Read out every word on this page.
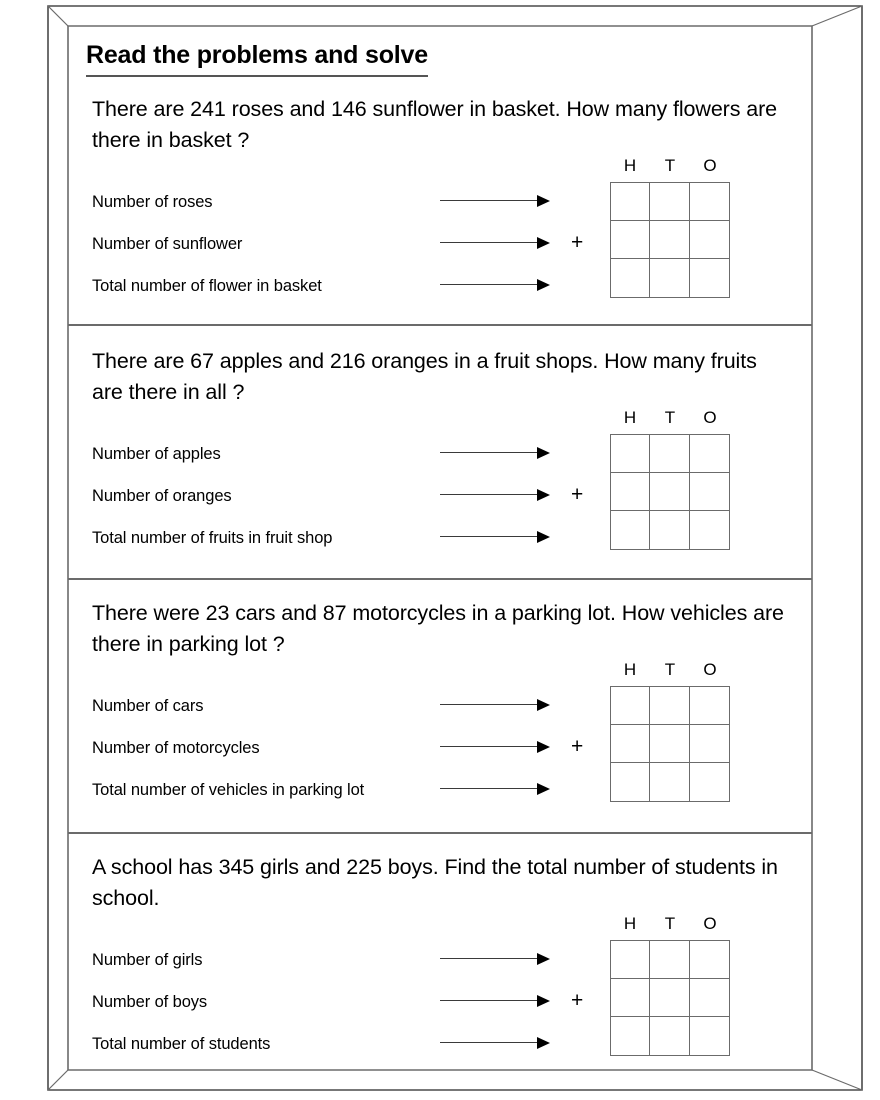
Read the problems and solve
There are 241 roses and 146 sunflower in basket. How many flowers are there in basket ?
H	T	O
Number of roses
Number of sunflower	+
Total number of flower in basket
There are 67 apples and 216 oranges in a fruit shops. How many fruits are there in all ?
H	T	O
Number of apples
Number of oranges	+
Total number of fruits in fruit shop
There were 23 cars and 87 motorcycles in a parking lot. How vehicles are there in parking lot ?
H	T	O
Number of cars
Number of motorcycles	+
Total number of vehicles in parking lot
A school has 345 girls and 225 boys. Find the total number of students in school.
H	T	O
Number of girls
Number of boys	+
Total number of students
